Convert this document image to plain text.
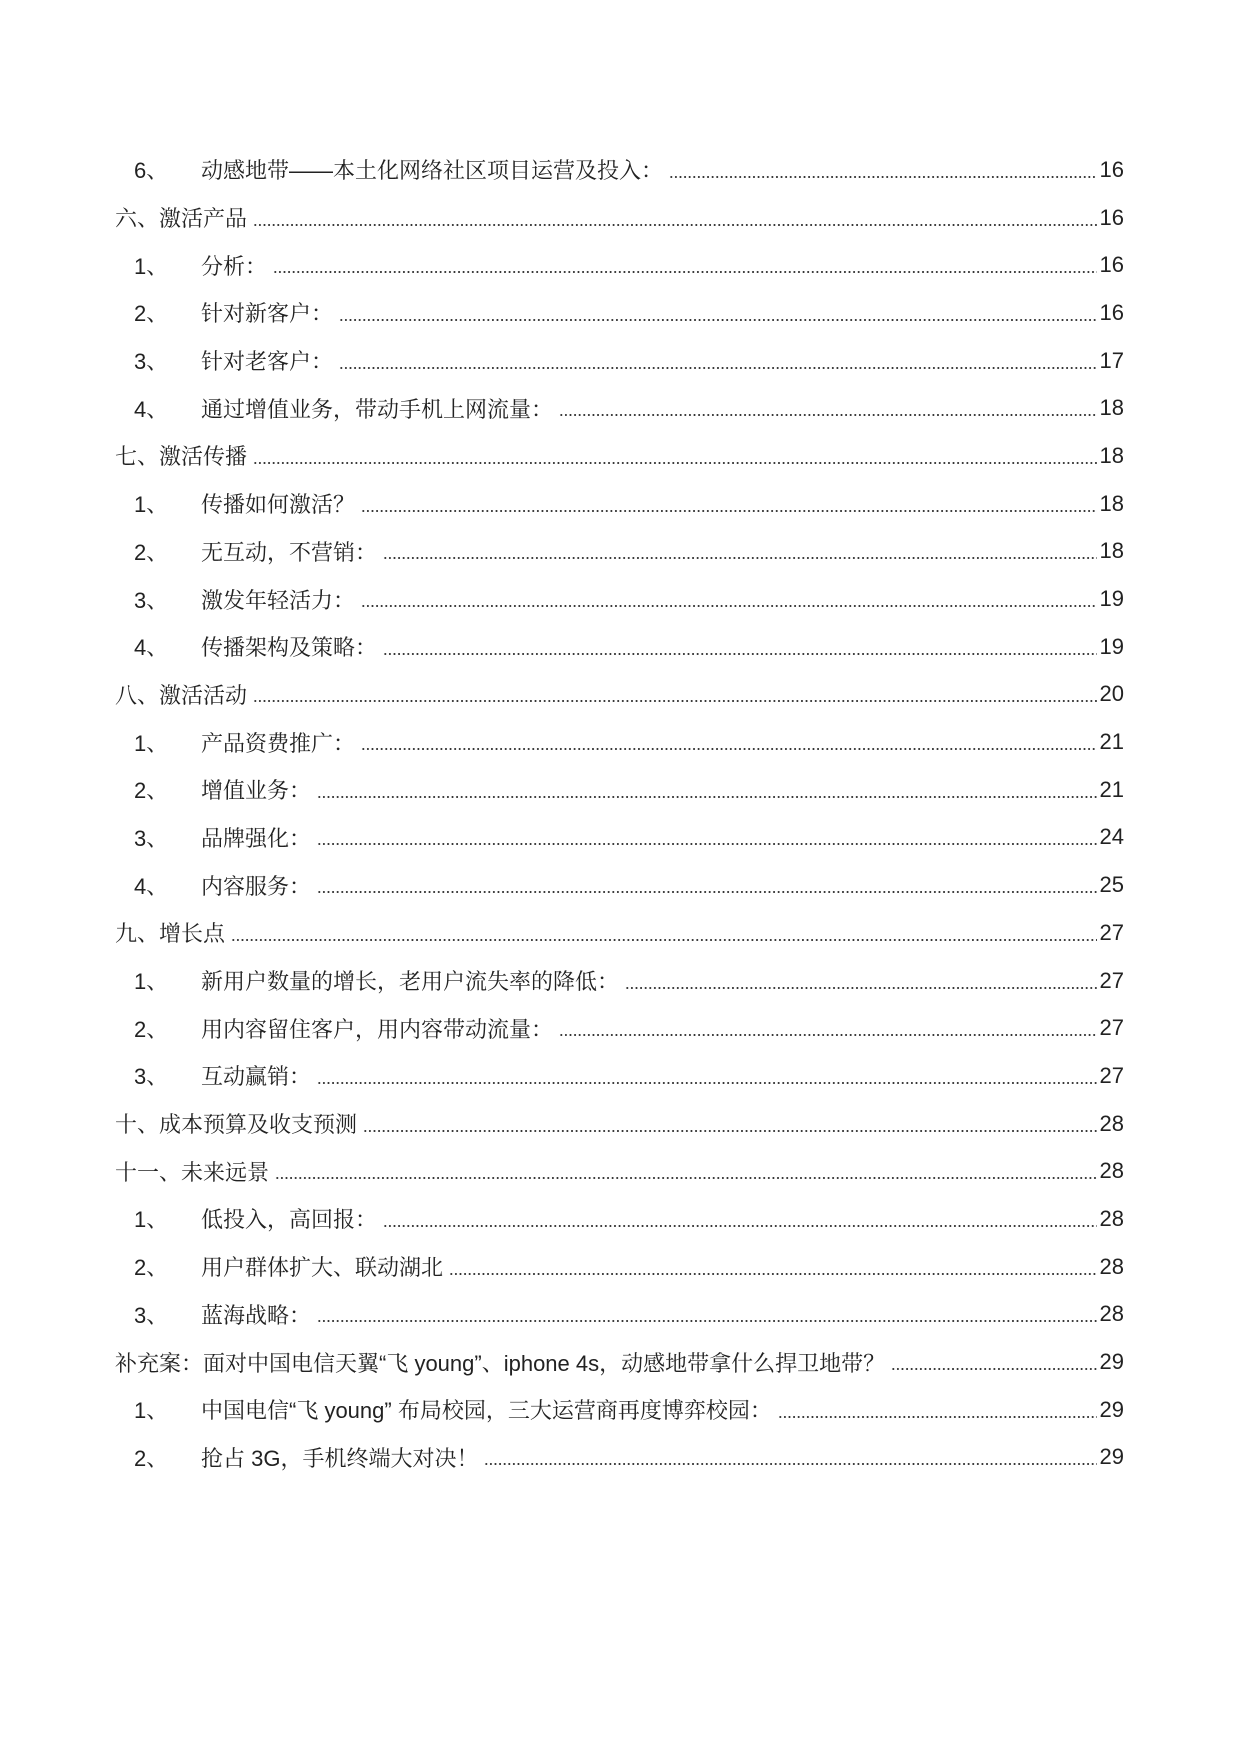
6、	动感地带——本土化网络社区项目运营及投入：	16
六、激活产品	16
1、	分析：	16
2、	针对新客户：	16
3、	针对老客户：	17
4、	通过增值业务，带动手机上网流量：	18
七、激活传播	18
1、	传播如何激活？	18
2、	无互动，不营销：	18
3、	激发年轻活力：	19
4、	传播架构及策略：	19
八、激活活动	20
1、	产品资费推广：	21
2、	增值业务：	21
3、	品牌强化：	24
4、	内容服务：	25
九、增长点	27
1、	新用户数量的增长，老用户流失率的降低：	27
2、	用内容留住客户，用内容带动流量：	27
3、	互动赢销：	27
十、成本预算及收支预测	28
十一、未来远景	28
1、	低投入，高回报：	28
2、	用户群体扩大、联动湖北	28
3、	蓝海战略：	28
补充案：面对中国电信天翼“飞 young”、iphone 4s，动感地带拿什么捍卫地带？	29
1、	中国电信“飞 young” 布局校园，三大运营商再度博弈校园：	29
2、	抢占 3G，手机终端大对决！	29
